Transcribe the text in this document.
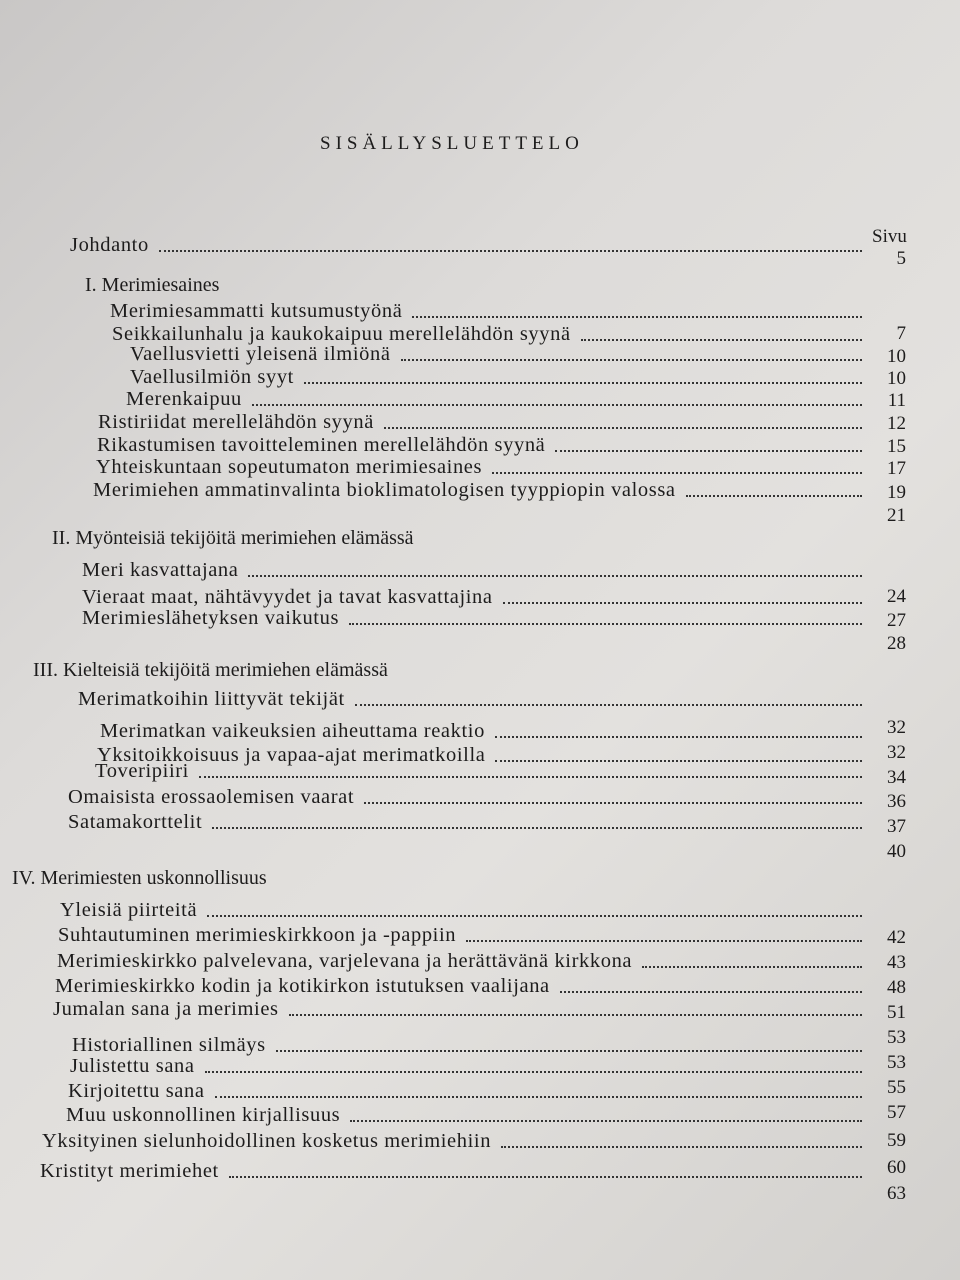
SISÄLLYSLUETTELO
Sivu
Johdanto
5
I. Merimiesaines
Merimiesammatti kutsumustyönä
7
Seikkailunhalu ja kaukokaipuu merellelähdön syynä
10
Vaellusvietti yleisenä ilmiönä
10
Vaellusilmiön syyt
11
Merenkaipuu
12
Ristiriidat merellelähdön syynä
15
Rikastumisen tavoitteleminen merellelähdön syynä
17
Yhteiskuntaan sopeutumaton merimiesaines
19
Merimiehen ammatinvalinta bioklimatologisen tyyppiopin valossa
21
II. Myönteisiä tekijöitä merimiehen elämässä
Meri kasvattajana
24
Vieraat maat, nähtävyydet ja tavat kasvattajina
27
Merimieslähetyksen vaikutus
28
III. Kielteisiä tekijöitä merimiehen elämässä
Merimatkoihin liittyvät tekijät
32
Merimatkan vaikeuksien aiheuttama reaktio
32
Yksitoikkoisuus ja vapaa-ajat merimatkoilla
34
Toveripiiri
36
Omaisista erossaolemisen vaarat
37
Satamakorttelit
40
IV. Merimiesten uskonnollisuus
Yleisiä piirteitä
42
Suhtautuminen merimieskirkkoon ja -pappiin
43
Merimieskirkko palvelevana, varjelevana ja herättävänä kirkkona
48
Merimieskirkko kodin ja kotikirkon istutuksen vaalijana
51
Jumalan sana ja merimies
53
Historiallinen silmäys
53
Julistettu sana
55
Kirjoitettu sana
57
Muu uskonnollinen kirjallisuus
59
Yksityinen sielunhoidollinen kosketus merimiehiin
60
Kristityt merimiehet
63
